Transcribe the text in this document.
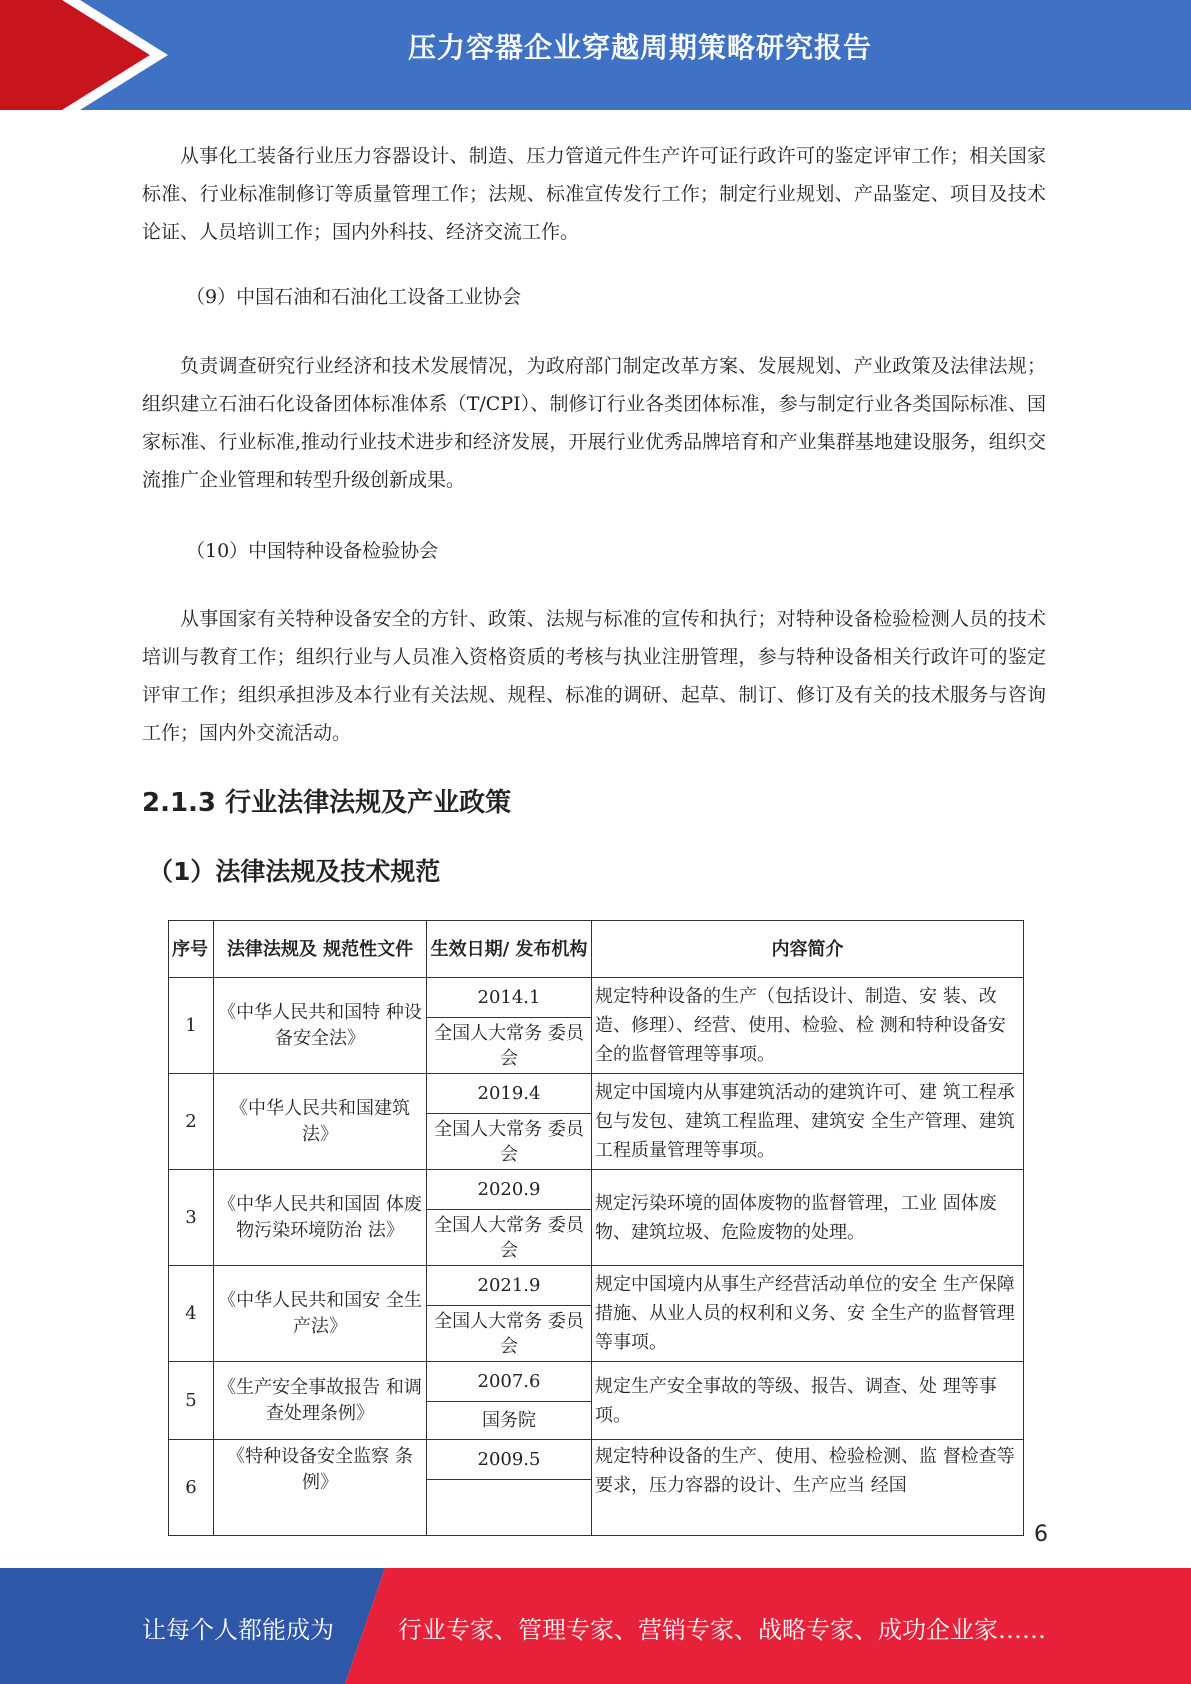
压力容器企业穿越周期策略研究报告

从事化工装备行业压力容器设计、制造、压力管道元件生产许可证行政许可的鉴定评审工作；相关国家标准、行业标准制修订等质量管理工作；法规、标准宣传发行工作；制定行业规划、产品鉴定、项目及技术论证、人员培训工作；国内外科技、经济交流工作。

（9）中国石油和石油化工设备工业协会

负责调查研究行业经济和技术发展情况，为政府部门制定改革方案、发展规划、产业政策及法律法规；组织建立石油石化设备团体标准体系（T/CPI）、制修订行业各类团体标准，参与制定行业各类国际标准、国家标准、行业标准,推动行业技术进步和经济发展，开展行业优秀品牌培育和产业集群基地建设服务，组织交流推广企业管理和转型升级创新成果。

（10）中国特种设备检验协会

从事国家有关特种设备安全的方针、政策、法规与标准的宣传和执行；对特种设备检验检测人员的技术培训与教育工作；组织行业与人员准入资格资质的考核与执业注册管理，参与特种设备相关行政许可的鉴定评审工作；组织承担涉及本行业有关法规、规程、标准的调研、起草、制订、修订及有关的技术服务与咨询工作；国内外交流活动。

2.1.3 行业法律法规及产业政策
（1）法律法规及技术规范
序号	法律法规及 规范性文件	生效日期/ 发布机构	内容简介
1	《中华人民共和国特 种设备安全法》	2014.1	规定特种设备的生产（包括设计、制造、安 装、改造、修理）、经营、使用、检验、检 测和特种设备安全的监督管理等事项。
		全国人大常务 委员会	
2	《中华人民共和国建筑法》	2019.4	规定中国境内从事建筑活动的建筑许可、建 筑工程承包与发包、建筑工程监理、建筑安 全生产管理、建筑工程质量管理等事项。
		全国人大常务 委员会	
3	《中华人民共和国固 体废物污染环境防治 法》	2020.9	规定污染环境的固体废物的监督管理，工业 固体废物、建筑垃圾、危险废物的处理。
		全国人大常务 委员会	
4	《中华人民共和国安 全生产法》	2021.9	规定中国境内从事生产经营活动单位的安全 生产保障措施、从业人员的权利和义务、安 全生产的监督管理等事项。
		全国人大常务 委员会	
5	《生产安全事故报告 和调查处理条例》	2007.6	规定生产安全事故的等级、报告、调查、处 理等事项。
		国务院	
6	《特种设备安全监察 条例》	2009.5	规定特种设备的生产、使用、检验检测、监 督检查等要求，压力容器的设计、生产应当 经国

6
让每个人都能成为	行业专家、管理专家、营销专家、战略专家、成功企业家……
